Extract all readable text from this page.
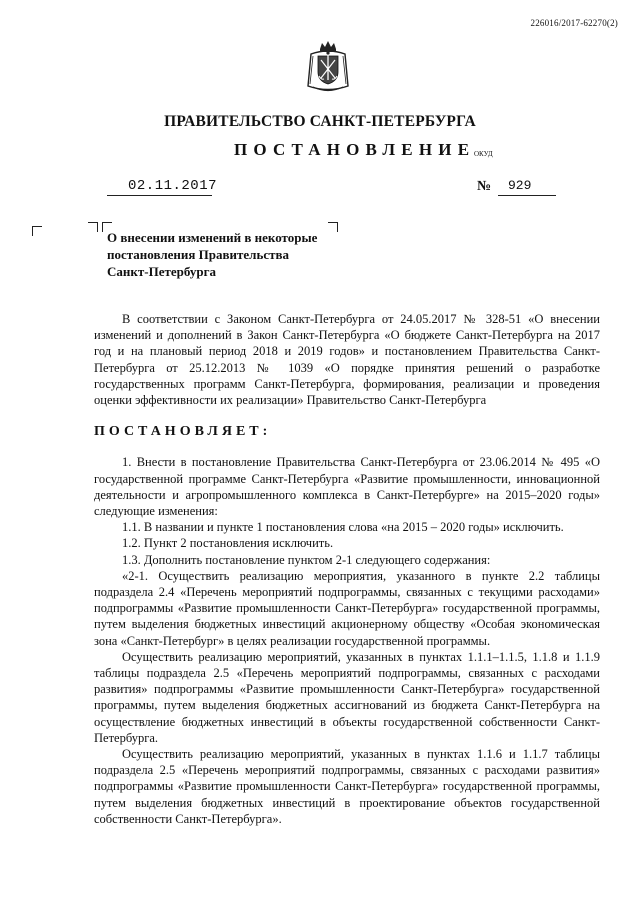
226016/2017-62270(2)
ПРАВИТЕЛЬСТВО САНКТ-ПЕТЕРБУРГА
ПОСТАНОВЛЕНИЕ
ОКУД
02.11.2017	№ 929
О внесении изменений в некоторые
постановления Правительства
Санкт-Петербурга

В соответствии с Законом Санкт-Петербурга от 24.05.2017 № 328-51 «О внесении изменений и дополнений в Закон Санкт-Петербурга «О бюджете Санкт-Петербурга на 2017 год и на плановый период 2018 и 2019 годов» и постановлением Правительства Санкт-Петербурга от 25.12.2013 № 1039 «О порядке принятия решений о разработке государственных программ Санкт-Петербурга, формирования, реализации и проведения оценки эффективности их реализации» Правительство Санкт-Петербурга

ПОСТАНОВЛЯЕТ:

1. Внести в постановление Правительства Санкт-Петербурга от 23.06.2014 № 495 «О государственной программе Санкт-Петербурга «Развитие промышленности, инновационной деятельности и агропромышленного комплекса в Санкт-Петербурге» на 2015–2020 годы» следующие изменения:

1.1. В названии и пункте 1 постановления слова «на 2015 – 2020 годы» исключить.

1.2. Пункт 2 постановления исключить.

1.3. Дополнить постановление пунктом 2-1 следующего содержания:

«2-1. Осуществить реализацию мероприятия, указанного в пункте 2.2 таблицы подраздела 2.4 «Перечень мероприятий подпрограммы, связанных с текущими расходами» подпрограммы «Развитие промышленности Санкт-Петербурга» государственной программы, путем выделения бюджетных инвестиций акционерному обществу «Особая экономическая зона «Санкт-Петербург» в целях реализации государственной программы.

Осуществить реализацию мероприятий, указанных в пунктах 1.1.1–1.1.5, 1.1.8 и 1.1.9 таблицы подраздела 2.5 «Перечень мероприятий подпрограммы, связанных с расходами развития» подпрограммы «Развитие промышленности Санкт-Петербурга» государственной программы, путем выделения бюджетных ассигнований из бюджета Санкт-Петербурга на осуществление бюджетных инвестиций в объекты государственной собственности Санкт-Петербурга.

Осуществить реализацию мероприятий, указанных в пунктах 1.1.6 и 1.1.7 таблицы подраздела 2.5 «Перечень мероприятий подпрограммы, связанных с расходами развития» подпрограммы «Развитие промышленности Санкт-Петербурга» государственной программы, путем выделения бюджетных инвестиций в проектирование объектов государственной собственности Санкт-Петербурга».
